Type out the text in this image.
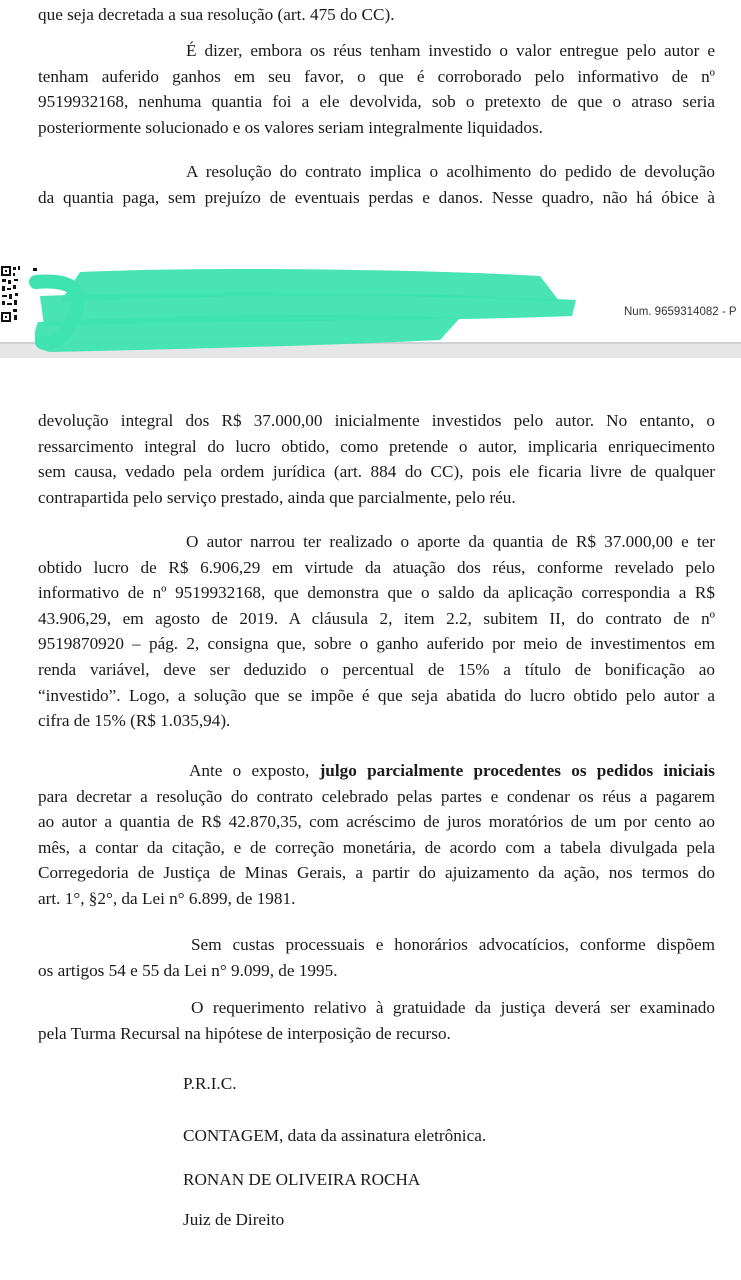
que seja decretada a sua resolução (art. 475 do CC).

É dizer, embora os réus tenham investido o valor entregue pelo autor e
tenham auferido ganhos em seu favor, o que é corroborado pelo informativo de nº
9519932168, nenhuma quantia foi a ele devolvida, sob o pretexto de que o atraso seria
posteriormente solucionado e os valores seriam integralmente liquidados.

A resolução do contrato implica o acolhimento do pedido de devolução
da quantia paga, sem prejuízo de eventuais perdas e danos. Nesse quadro, não há óbice à

Num. 9659314082 - P

devolução integral dos R$ 37.000,00 inicialmente investidos pelo autor. No entanto, o
ressarcimento integral do lucro obtido, como pretende o autor, implicaria enriquecimento
sem causa, vedado pela ordem jurídica (art. 884 do CC), pois ele ficaria livre de qualquer
contrapartida pelo serviço prestado, ainda que parcialmente, pelo réu.

O autor narrou ter realizado o aporte da quantia de R$ 37.000,00 e ter
obtido lucro de R$ 6.906,29 em virtude da atuação dos réus, conforme revelado pelo
informativo de nº 9519932168, que demonstra que o saldo da aplicação correspondia a R$
43.906,29, em agosto de 2019. A cláusula 2, item 2.2, subitem II, do contrato de nº
9519870920 – pág. 2, consigna que, sobre o ganho auferido por meio de investimentos em
renda variável, deve ser deduzido o percentual de 15% a título de bonificação ao
“investido”. Logo, a solução que se impõe é que seja abatida do lucro obtido pelo autor a
cifra de 15% (R$ 1.035,94).

Ante o exposto, julgo parcialmente procedentes os pedidos iniciais
para decretar a resolução do contrato celebrado pelas partes e condenar os réus a pagarem
ao autor a quantia de R$ 42.870,35, com acréscimo de juros moratórios de um por cento ao
mês, a contar da citação, e de correção monetária, de acordo com a tabela divulgada pela
Corregedoria de Justiça de Minas Gerais, a partir do ajuizamento da ação, nos termos do
art. 1°, §2°, da Lei n° 6.899, de 1981.

Sem custas processuais e honorários advocatícios, conforme dispõem
os artigos 54 e 55 da Lei n° 9.099, de 1995.

O requerimento relativo à gratuidade da justiça deverá ser examinado
pela Turma Recursal na hipótese de interposição de recurso.

P.R.I.C.
CONTAGEM, data da assinatura eletrônica.
RONAN DE OLIVEIRA ROCHA
Juiz de Direito
